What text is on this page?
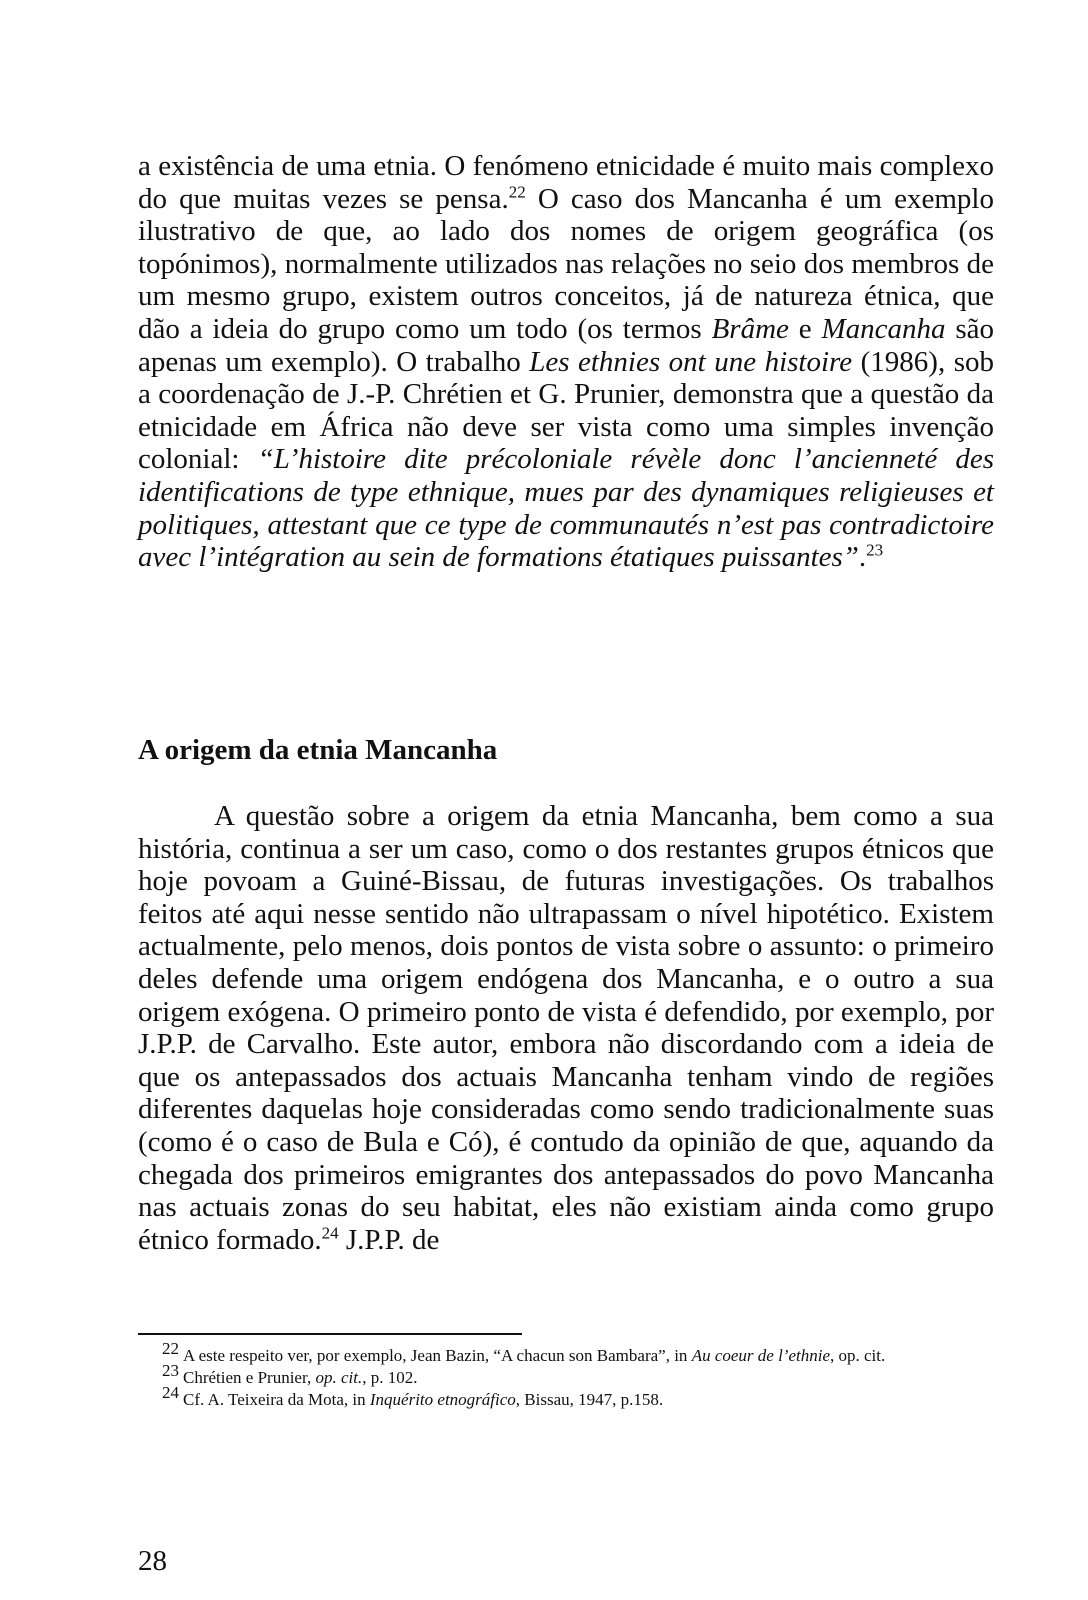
a existência de uma etnia. O fenómeno etnicidade é muito mais complexo do que muitas vezes se pensa.$^{22}$ O caso dos Mancanha é um exemplo ilustrativo de que, ao lado dos nomes de origem geográfica (os topónimos), normalmente utilizados nas relações no seio dos membros de um mesmo grupo, existem outros conceitos, já de natureza étnica, que dão a ideia do grupo como um todo (os termos Brâme e Mancanha são apenas um exemplo). O trabalho Les ethnies ont une histoire (1986), sob a coordenação de J.-P. Chrétien et G. Prunier, demonstra que a questão da etnicidade em África não deve ser vista como uma simples invenção colonial: “L’histoire dite précoloniale révèle donc l’ancienneté des identifications de type ethnique, mues par des dynamiques religieuses et politiques, attestant que ce type de communautés n’est pas contradictoire avec l’intégration au sein de formations étatiques puissantes”.$^{23}$

A origem da etnia Mancanha

A questão sobre a origem da etnia Mancanha, bem como a sua história, continua a ser um caso, como o dos restantes grupos étnicos que hoje povoam a Guiné-Bissau, de futuras investigações. Os trabalhos feitos até aqui nesse sentido não ultrapassam o nível hipotético. Existem actualmente, pelo menos, dois pontos de vista sobre o assunto: o primeiro deles defende uma origem endógena dos Mancanha, e o outro a sua origem exógena. O primeiro ponto de vista é defendido, por exemplo, por J.P.P. de Carvalho. Este autor, embora não discordando com a ideia de que os antepassados dos actuais Mancanha tenham vindo de regiões diferentes daquelas hoje consideradas como sendo tradicionalmente suas (como é o caso de Bula e Có), é contudo da opinião de que, aquando da chegada dos primeiros emigrantes dos antepassados do povo Mancanha nas actuais zonas do seu habitat, eles não existiam ainda como grupo étnico formado.$^{24}$ J.P.P. de

22 A este respeito ver, por exemplo, Jean Bazin, “A chacun son Bambara”, in Au coeur de l’ethnie, op. cit.

23 Chrétien e Prunier, op. cit., p. 102.

24 Cf. A. Teixeira da Mota, in Inquérito etnográfico, Bissau, 1947, p.158.

28
